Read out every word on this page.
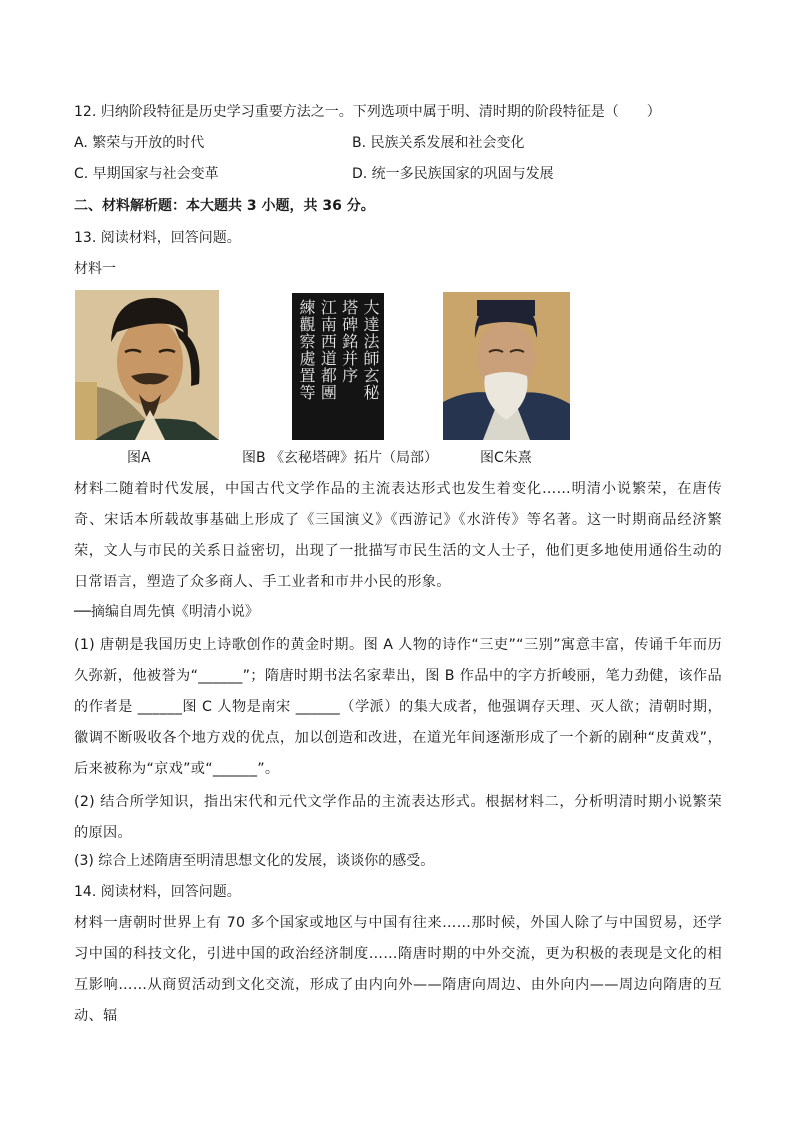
12. 归纳阶段特征是历史学习重要方法之一。下列选项中属于明、清时期的阶段特征是（　　）
A. 繁荣与开放的时代	B. 民族关系发展和社会变化
C. 早期国家与社会变革	D. 统一多民族国家的巩固与发展
二、材料解析题：本大题共 3 小题，共 36 分。
13. 阅读材料，回答问题。
材料一
大達法師玄秘
塔碑銘并序
江南西道都團
練觀察處置等
图A	图B 《玄秘塔碑》拓片（局部）	图C朱熹
材料二随着时代发展，中国古代文学作品的主流表达形式也发生着变化……明清小说繁荣，在唐传奇、宋话本所载故事基础上形成了《三国演义》《西游记》《水浒传》等名著。这一时期商品经济繁荣，文人与市民的关系日益密切，出现了一批描写市民生活的文人士子，他们更多地使用通俗生动的日常语言，塑造了众多商人、手工业者和市井小民的形象。
──摘编自周先慎《明清小说》
(1) 唐朝是我国历史上诗歌创作的黄金时期。图 A 人物的诗作“三吏”“三别”寓意丰富，传诵千年而历久弥新，他被誉为“______”；隋唐时期书法名家辈出，图 B 作品中的字方折峻丽，笔力劲健，该作品的作者是 ______图 C 人物是南宋 ______（学派）的集大成者，他强调存天理、灭人欲；清朝时期，徽调不断吸收各个地方戏的优点，加以创造和改进，在道光年间逐渐形成了一个新的剧种“皮黄戏”，后来被称为“京戏”或“______”。
(2) 结合所学知识，指出宋代和元代文学作品的主流表达形式。根据材料二，分析明清时期小说繁荣的原因。
(3) 综合上述隋唐至明清思想文化的发展，谈谈你的感受。
14. 阅读材料，回答问题。
材料一唐朝时世界上有 70 多个国家或地区与中国有往来……那时候，外国人除了与中国贸易，还学习中国的科技文化，引进中国的政治经济制度……隋唐时期的中外交流，更为积极的表现是文化的相互影响……从商贸活动到文化交流，形成了由内向外——隋唐向周边、由外向内——周边向隋唐的互动、辐
